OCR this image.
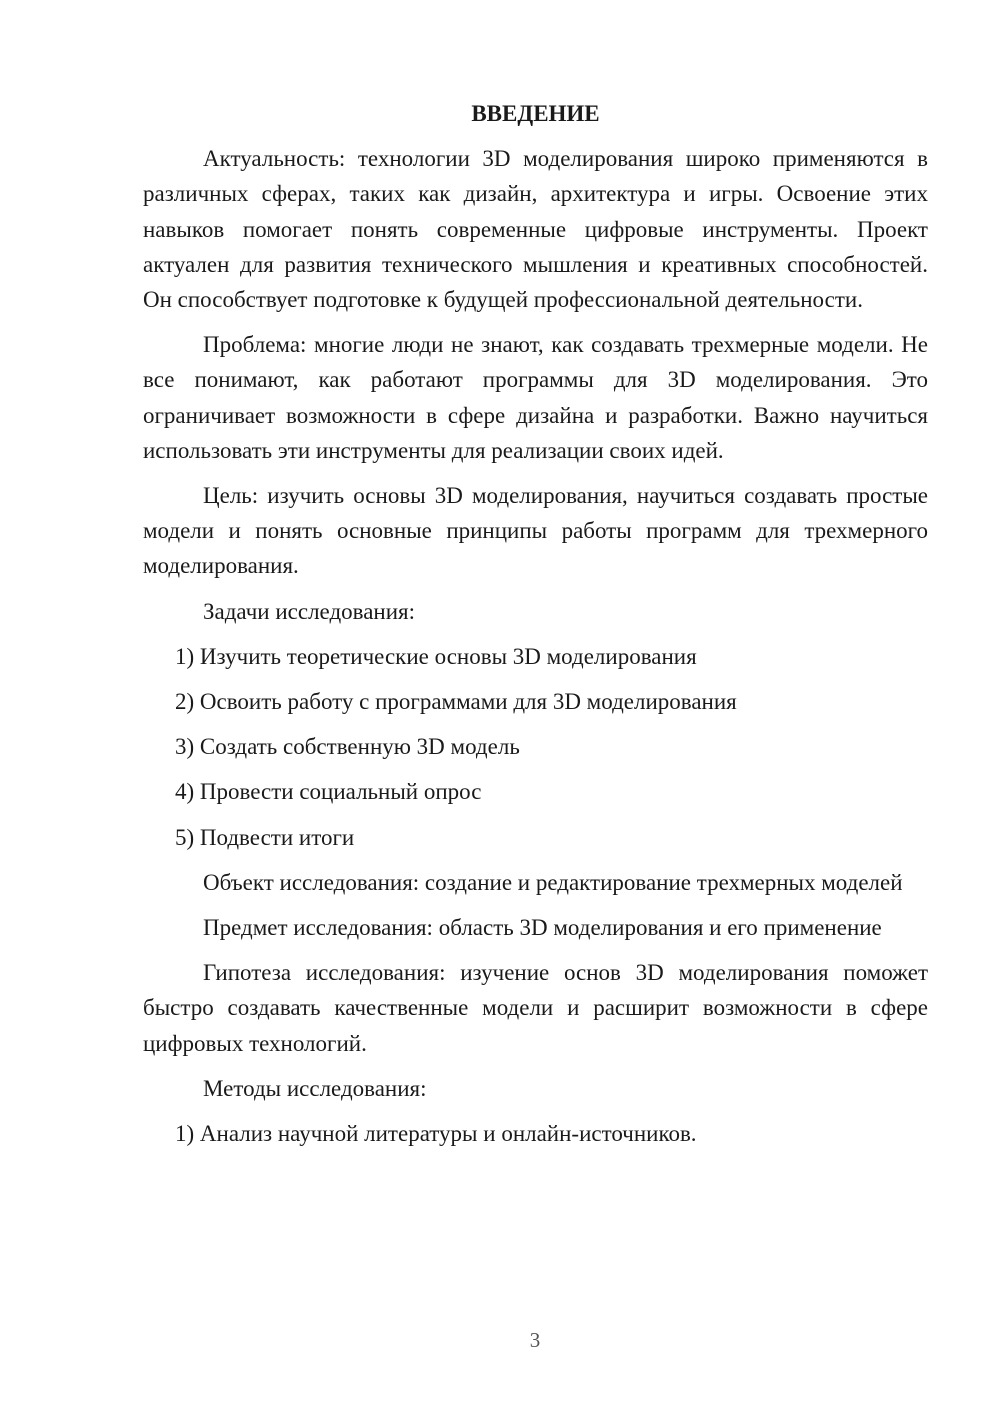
ВВЕДЕНИЕ
Актуальность: технологии 3D моделирования широко применяются в различных сферах, таких как дизайн, архитектура и игры. Освоение этих навыков помогает понять современные цифровые инструменты. Проект актуален для развития технического мышления и креативных способностей. Он способствует подготовке к будущей профессиональной деятельности.
Проблема: многие люди не знают, как создавать трехмерные модели. Не все понимают, как работают программы для 3D моделирования. Это ограничивает возможности в сфере дизайна и разработки. Важно научиться использовать эти инструменты для реализации своих идей.
Цель: изучить основы 3D моделирования, научиться создавать простые модели и понять основные принципы работы программ для трехмерного моделирования.
Задачи исследования:
1) Изучить теоретические основы 3D моделирования
2) Освоить работу с программами для 3D моделирования
3) Создать собственную 3D модель
4) Провести социальный опрос
5) Подвести итоги
Объект исследования: создание и редактирование трехмерных моделей
Предмет исследования: область 3D моделирования и его применение
Гипотеза исследования: изучение основ 3D моделирования поможет быстро создавать качественные модели и расширит возможности в сфере цифровых технологий.
Методы исследования:
1) Анализ научной литературы и онлайн-источников.
3
